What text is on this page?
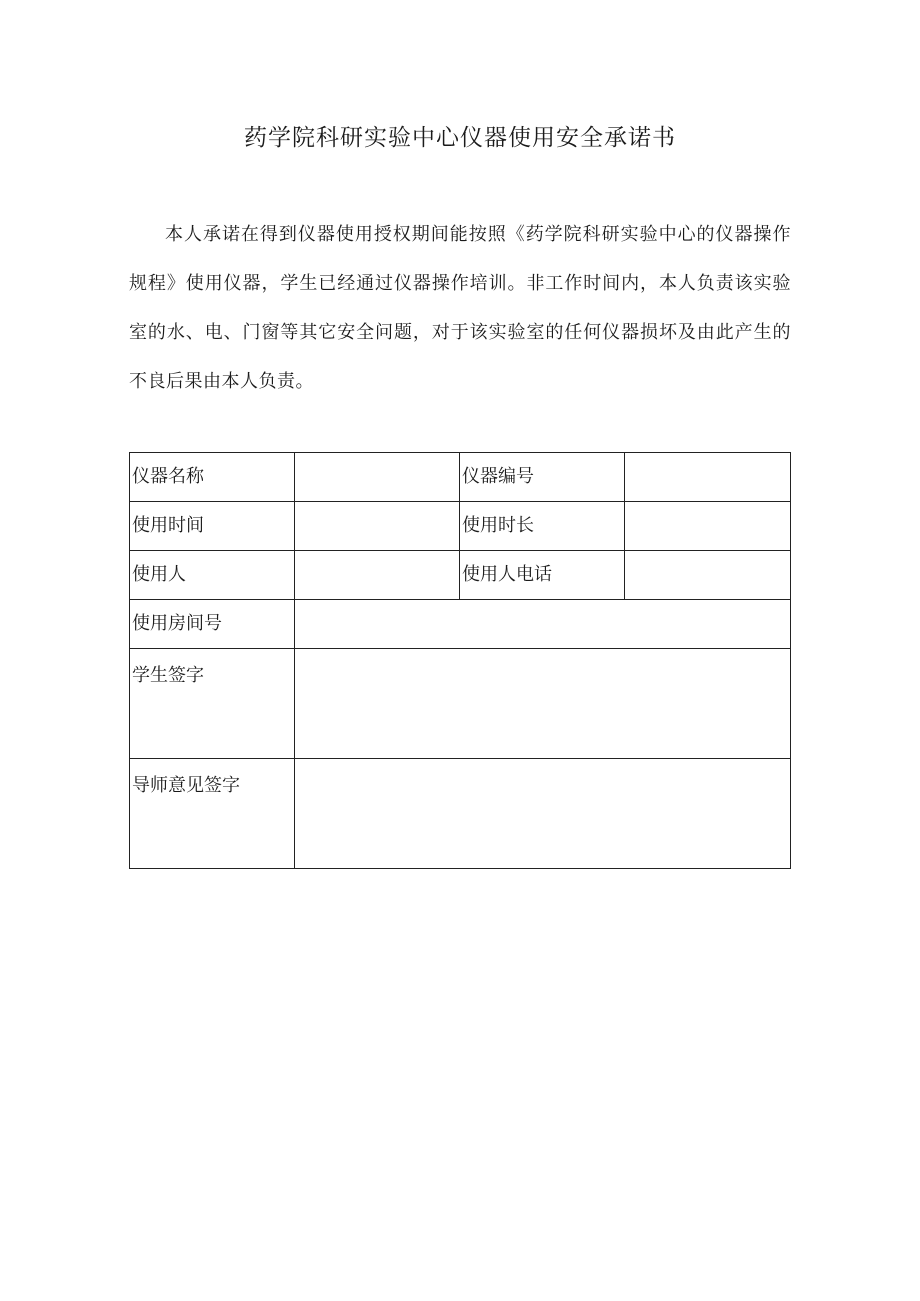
药学院科研实验中心仪器使用安全承诺书

本人承诺在得到仪器使用授权期间能按照《药学院科研实验中心的仪器操作规程》使用仪器，学生已经通过仪器操作培训。非工作时间内，本人负责该实验室的水、电、门窗等其它安全问题，对于该实验室的任何仪器损坏及由此产生的不良后果由本人负责。

仪器名称		仪器编号	
使用时间		使用时长	
使用人		使用人电话	
使用房间号			
学生签字			
导师意见签字			
